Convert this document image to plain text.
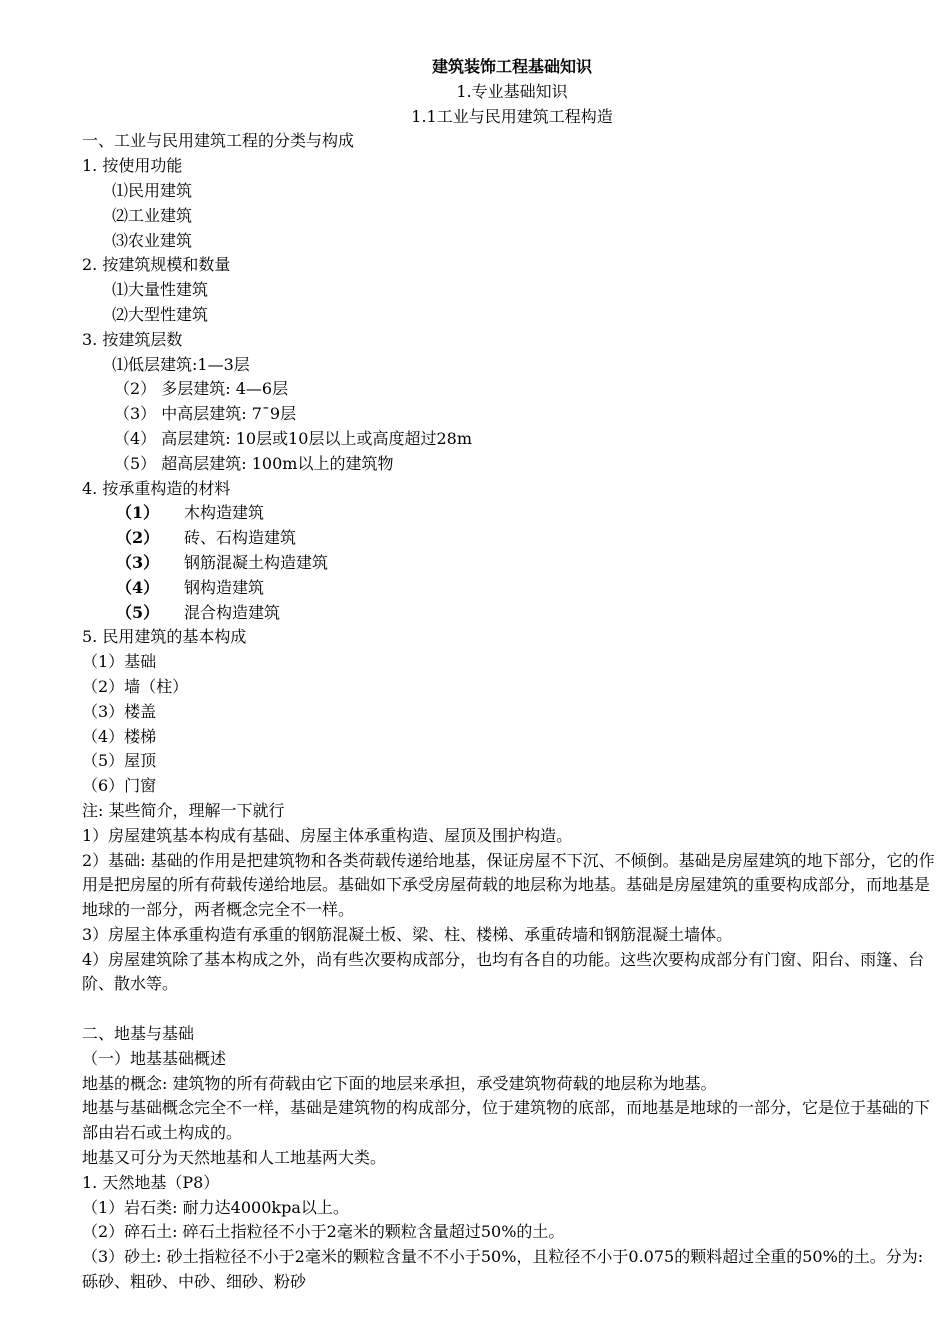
建筑装饰工程基础知识
1.专业基础知识
1.1工业与民用建筑工程构造
一、工业与民用建筑工程的分类与构成
1. 按使用功能
⑴民用建筑
⑵工业建筑
⑶农业建筑
2. 按建筑规模和数量
⑴大量性建筑
⑵大型性建筑
3. 按建筑层数
⑴低层建筑:1—3层
（2） 多层建筑: 4—6层
（3） 中高层建筑: 7¯9层
（4） 高层建筑: 10层或10层以上或高度超过28m
（5） 超高层建筑: 100m以上的建筑物
4. 按承重构造的材料
（1） 木构造建筑
（2） 砖、石构造建筑
（3） 钢筋混凝土构造建筑
（4） 钢构造建筑
（5） 混合构造建筑
5. 民用建筑的基本构成
（1）基础
（2）墙（柱）
（3）楼盖
（4）楼梯
（5）屋顶
（6）门窗
注: 某些简介，理解一下就行
1）房屋建筑基本构成有基础、房屋主体承重构造、屋顶及围护构造。
2）基础: 基础的作用是把建筑物和各类荷载传递给地基，保证房屋不下沉、不倾倒。基础是房屋建筑的地下部分，它的作用是把房屋的所有荷载传递给地层。基础如下承受房屋荷载的地层称为地基。基础是房屋建筑的重要构成部分，而地基是地球的一部分，两者概念完全不一样。
3）房屋主体承重构造有承重的钢筋混凝土板、梁、柱、楼梯、承重砖墙和钢筋混凝土墙体。
4）房屋建筑除了基本构成之外，尚有些次要构成部分，也均有各自的功能。这些次要构成部分有门窗、阳台、雨篷、台阶、散水等。
二、地基与基础
（一）地基基础概述
地基的概念: 建筑物的所有荷载由它下面的地层来承担，承受建筑物荷载的地层称为地基。
地基与基础概念完全不一样，基础是建筑物的构成部分，位于建筑物的底部，而地基是地球的一部分，它是位于基础的下部由岩石或土构成的。
地基又可分为天然地基和人工地基两大类。
1. 天然地基（P8）
（1）岩石类: 耐力达4000kpa以上。
（2）碎石土: 碎石土指粒径不小于2毫米的颗粒含量超过50%的土。
（3）砂土: 砂土指粒径不小于2毫米的颗粒含量不不小于50%，且粒径不小于0.075的颗料超过全重的50%的土。分为: 砾砂、粗砂、中砂、细砂、粉砂
